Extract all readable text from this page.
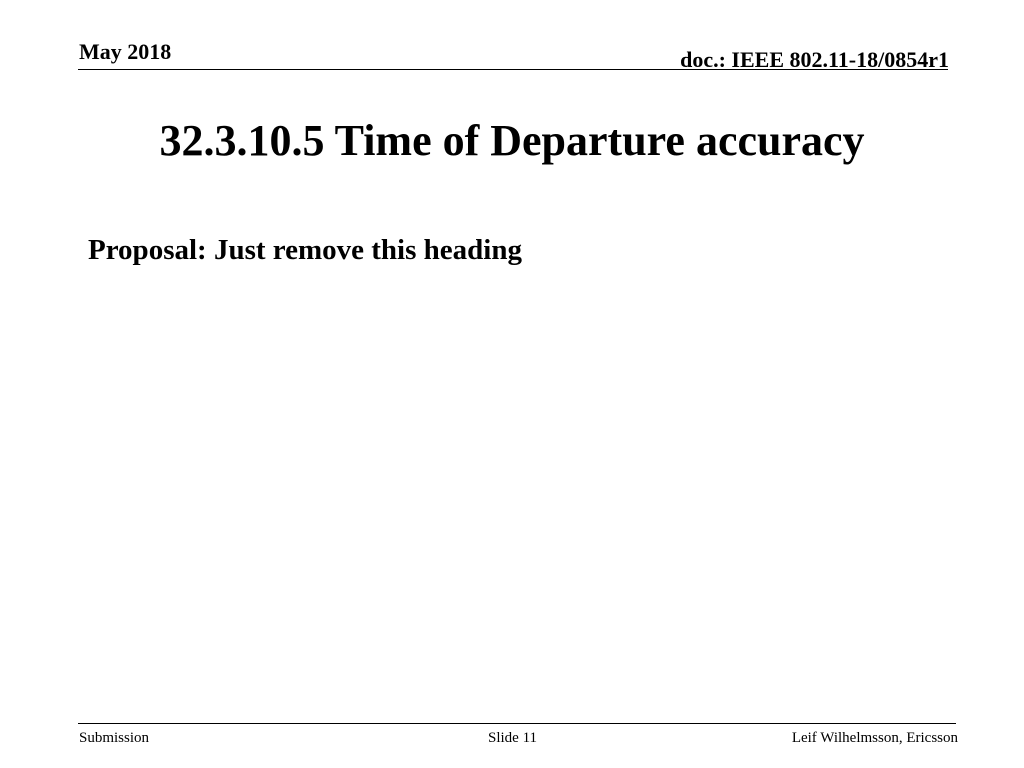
May 2018	doc.: IEEE 802.11-18/0854r1
32.3.10.5 Time of Departure accuracy
Proposal: Just remove this heading
Submission	Slide 11	Leif Wilhelmsson, Ericsson
